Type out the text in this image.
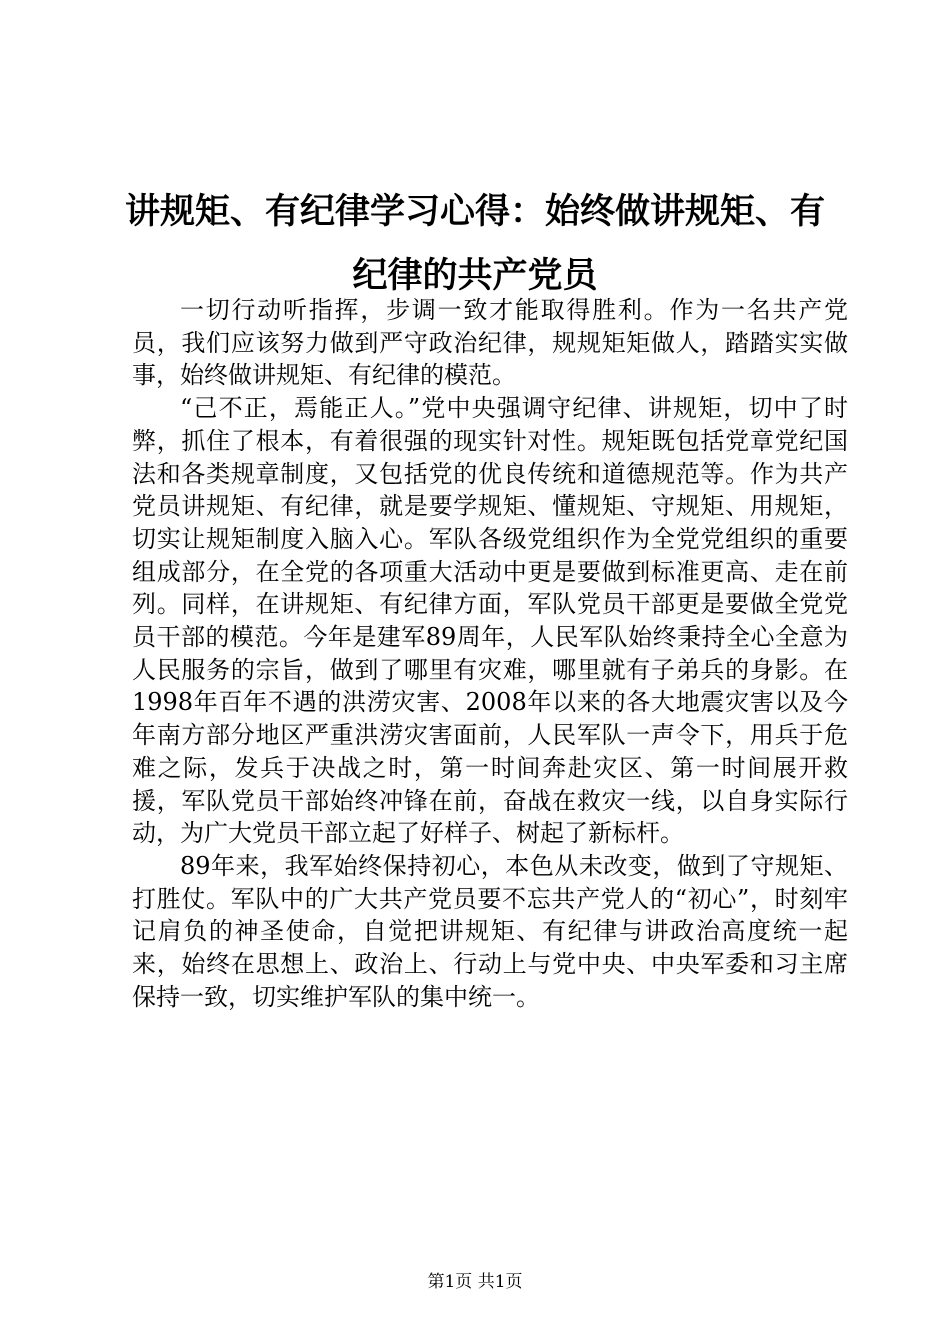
讲规矩、有纪律学习心得：始终做讲规矩、有纪律的共产党员

一切行动听指挥，步调一致才能取得胜利。作为一名共产党员，我们应该努力做到严守政治纪律，规规矩矩做人，踏踏实实做事，始终做讲规矩、有纪律的模范。

“己不正，焉能正人。”党中央强调守纪律、讲规矩，切中了时弊，抓住了根本，有着很强的现实针对性。规矩既包括党章党纪国法和各类规章制度，又包括党的优良传统和道德规范等。作为共产党员讲规矩、有纪律，就是要学规矩、懂规矩、守规矩、用规矩，切实让规矩制度入脑入心。军队各级党组织作为全党党组织的重要组成部分，在全党的各项重大活动中更是要做到标准更高、走在前列。同样，在讲规矩、有纪律方面，军队党员干部更是要做全党党员干部的模范。今年是建军89周年，人民军队始终秉持全心全意为人民服务的宗旨，做到了哪里有灾难，哪里就有子弟兵的身影。在1998年百年不遇的洪涝灾害、2008年以来的各大地震灾害以及今年南方部分地区严重洪涝灾害面前，人民军队一声令下，用兵于危难之际，发兵于决战之时，第一时间奔赴灾区、第一时间展开救援，军队党员干部始终冲锋在前，奋战在救灾一线，以自身实际行动，为广大党员干部立起了好样子、树起了新标杆。

89年来，我军始终保持初心，本色从未改变，做到了守规矩、打胜仗。军队中的广大共产党员要不忘共产党人的“初心”，时刻牢记肩负的神圣使命，自觉把讲规矩、有纪律与讲政治高度统一起来，始终在思想上、政治上、行动上与党中央、中央军委和习主席保持一致，切实维护军队的集中统一。

第1页 共1页
